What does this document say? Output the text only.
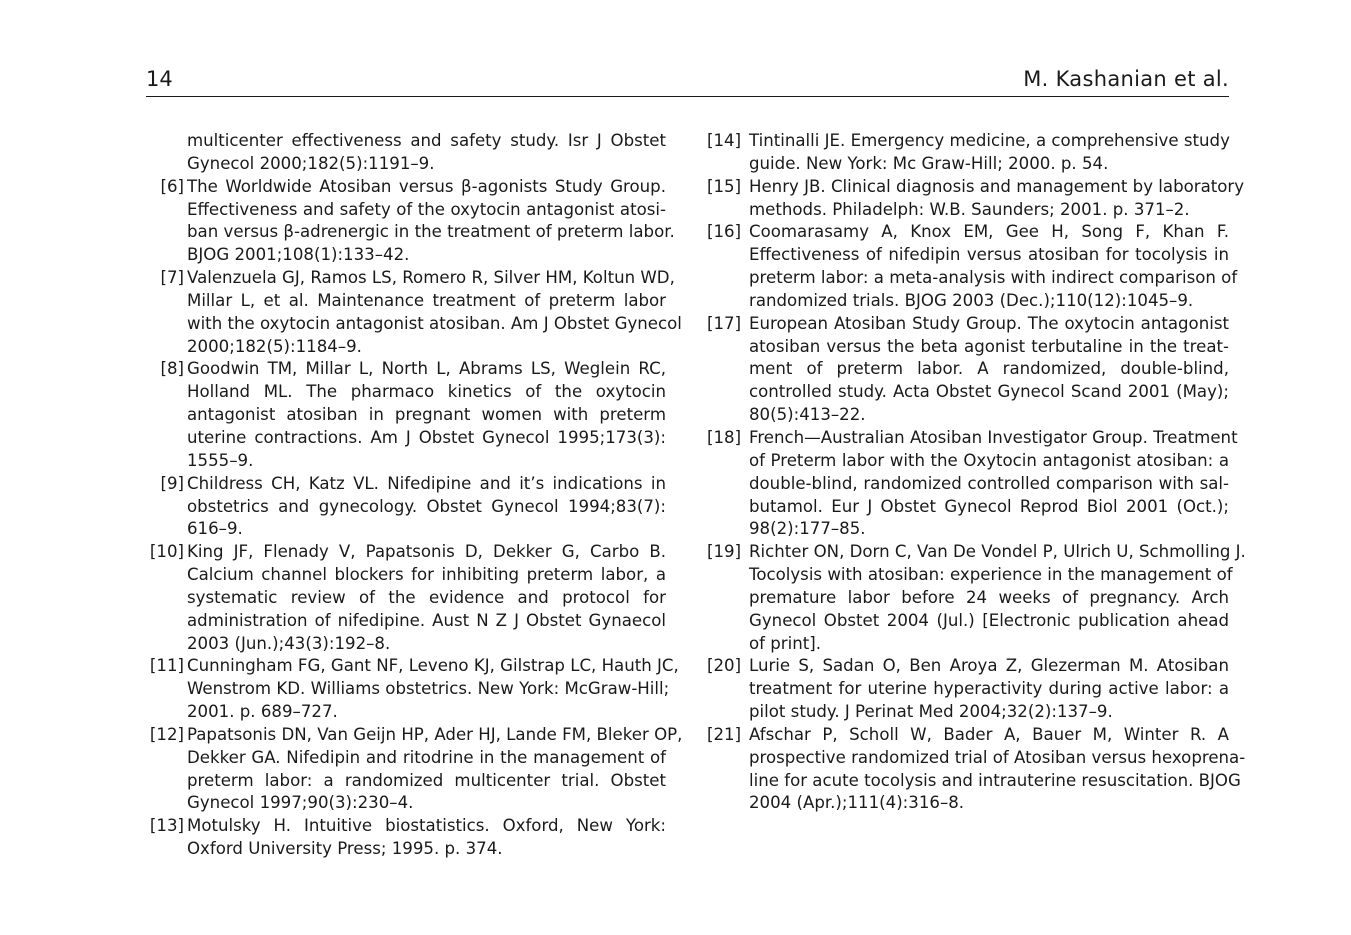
14	M. Kashanian et al.
multicenter effectiveness and safety study. Isr J Obstet
Gynecol 2000;182(5):1191–9.
[6] The Worldwide Atosiban versus β-agonists Study Group.
Effectiveness and safety of the oxytocin antagonist atosi-
ban versus β-adrenergic in the treatment of preterm labor.
BJOG 2001;108(1):133–42.
[7] Valenzuela GJ, Ramos LS, Romero R, Silver HM, Koltun WD,
Millar L, et al. Maintenance treatment of preterm labor
with the oxytocin antagonist atosiban. Am J Obstet Gynecol
2000;182(5):1184–9.
[8] Goodwin TM, Millar L, North L, Abrams LS, Weglein RC,
Holland ML. The pharmaco kinetics of the oxytocin
antagonist atosiban in pregnant women with preterm
uterine contractions. Am J Obstet Gynecol 1995;173(3):
1555–9.
[9] Childress CH, Katz VL. Nifedipine and it’s indications in
obstetrics and gynecology. Obstet Gynecol 1994;83(7):
616–9.
[10] King JF, Flenady V, Papatsonis D, Dekker G, Carbo B.
Calcium channel blockers for inhibiting preterm labor, a
systematic review of the evidence and protocol for
administration of nifedipine. Aust N Z J Obstet Gynaecol
2003 (Jun.);43(3):192–8.
[11] Cunningham FG, Gant NF, Leveno KJ, Gilstrap LC, Hauth JC,
Wenstrom KD. Williams obstetrics. New York: McGraw-Hill;
2001. p. 689–727.
[12] Papatsonis DN, Van Geijn HP, Ader HJ, Lande FM, Bleker OP,
Dekker GA. Nifedipin and ritodrine in the management of
preterm labor: a randomized multicenter trial. Obstet
Gynecol 1997;90(3):230–4.
[13] Motulsky H. Intuitive biostatistics. Oxford, New York:
Oxford University Press; 1995. p. 374.
[14] Tintinalli JE. Emergency medicine, a comprehensive study
guide. New York: Mc Graw-Hill; 2000. p. 54.
[15] Henry JB. Clinical diagnosis and management by laboratory
methods. Philadelph: W.B. Saunders; 2001. p. 371–2.
[16] Coomarasamy A, Knox EM, Gee H, Song F, Khan F.
Effectiveness of nifedipin versus atosiban for tocolysis in
preterm labor: a meta-analysis with indirect comparison of
randomized trials. BJOG 2003 (Dec.);110(12):1045–9.
[17] European Atosiban Study Group. The oxytocin antagonist
atosiban versus the beta agonist terbutaline in the treat-
ment of preterm labor. A randomized, double-blind,
controlled study. Acta Obstet Gynecol Scand 2001 (May);
80(5):413–22.
[18] French—Australian Atosiban Investigator Group. Treatment
of Preterm labor with the Oxytocin antagonist atosiban: a
double-blind, randomized controlled comparison with sal-
butamol. Eur J Obstet Gynecol Reprod Biol 2001 (Oct.);
98(2):177–85.
[19] Richter ON, Dorn C, Van De Vondel P, Ulrich U, Schmolling J.
Tocolysis with atosiban: experience in the management of
premature labor before 24 weeks of pregnancy. Arch
Gynecol Obstet 2004 (Jul.) [Electronic publication ahead
of print].
[20] Lurie S, Sadan O, Ben Aroya Z, Glezerman M. Atosiban
treatment for uterine hyperactivity during active labor: a
pilot study. J Perinat Med 2004;32(2):137–9.
[21] Afschar P, Scholl W, Bader A, Bauer M, Winter R. A
prospective randomized trial of Atosiban versus hexoprena-
line for acute tocolysis and intrauterine resuscitation. BJOG
2004 (Apr.);111(4):316–8.
